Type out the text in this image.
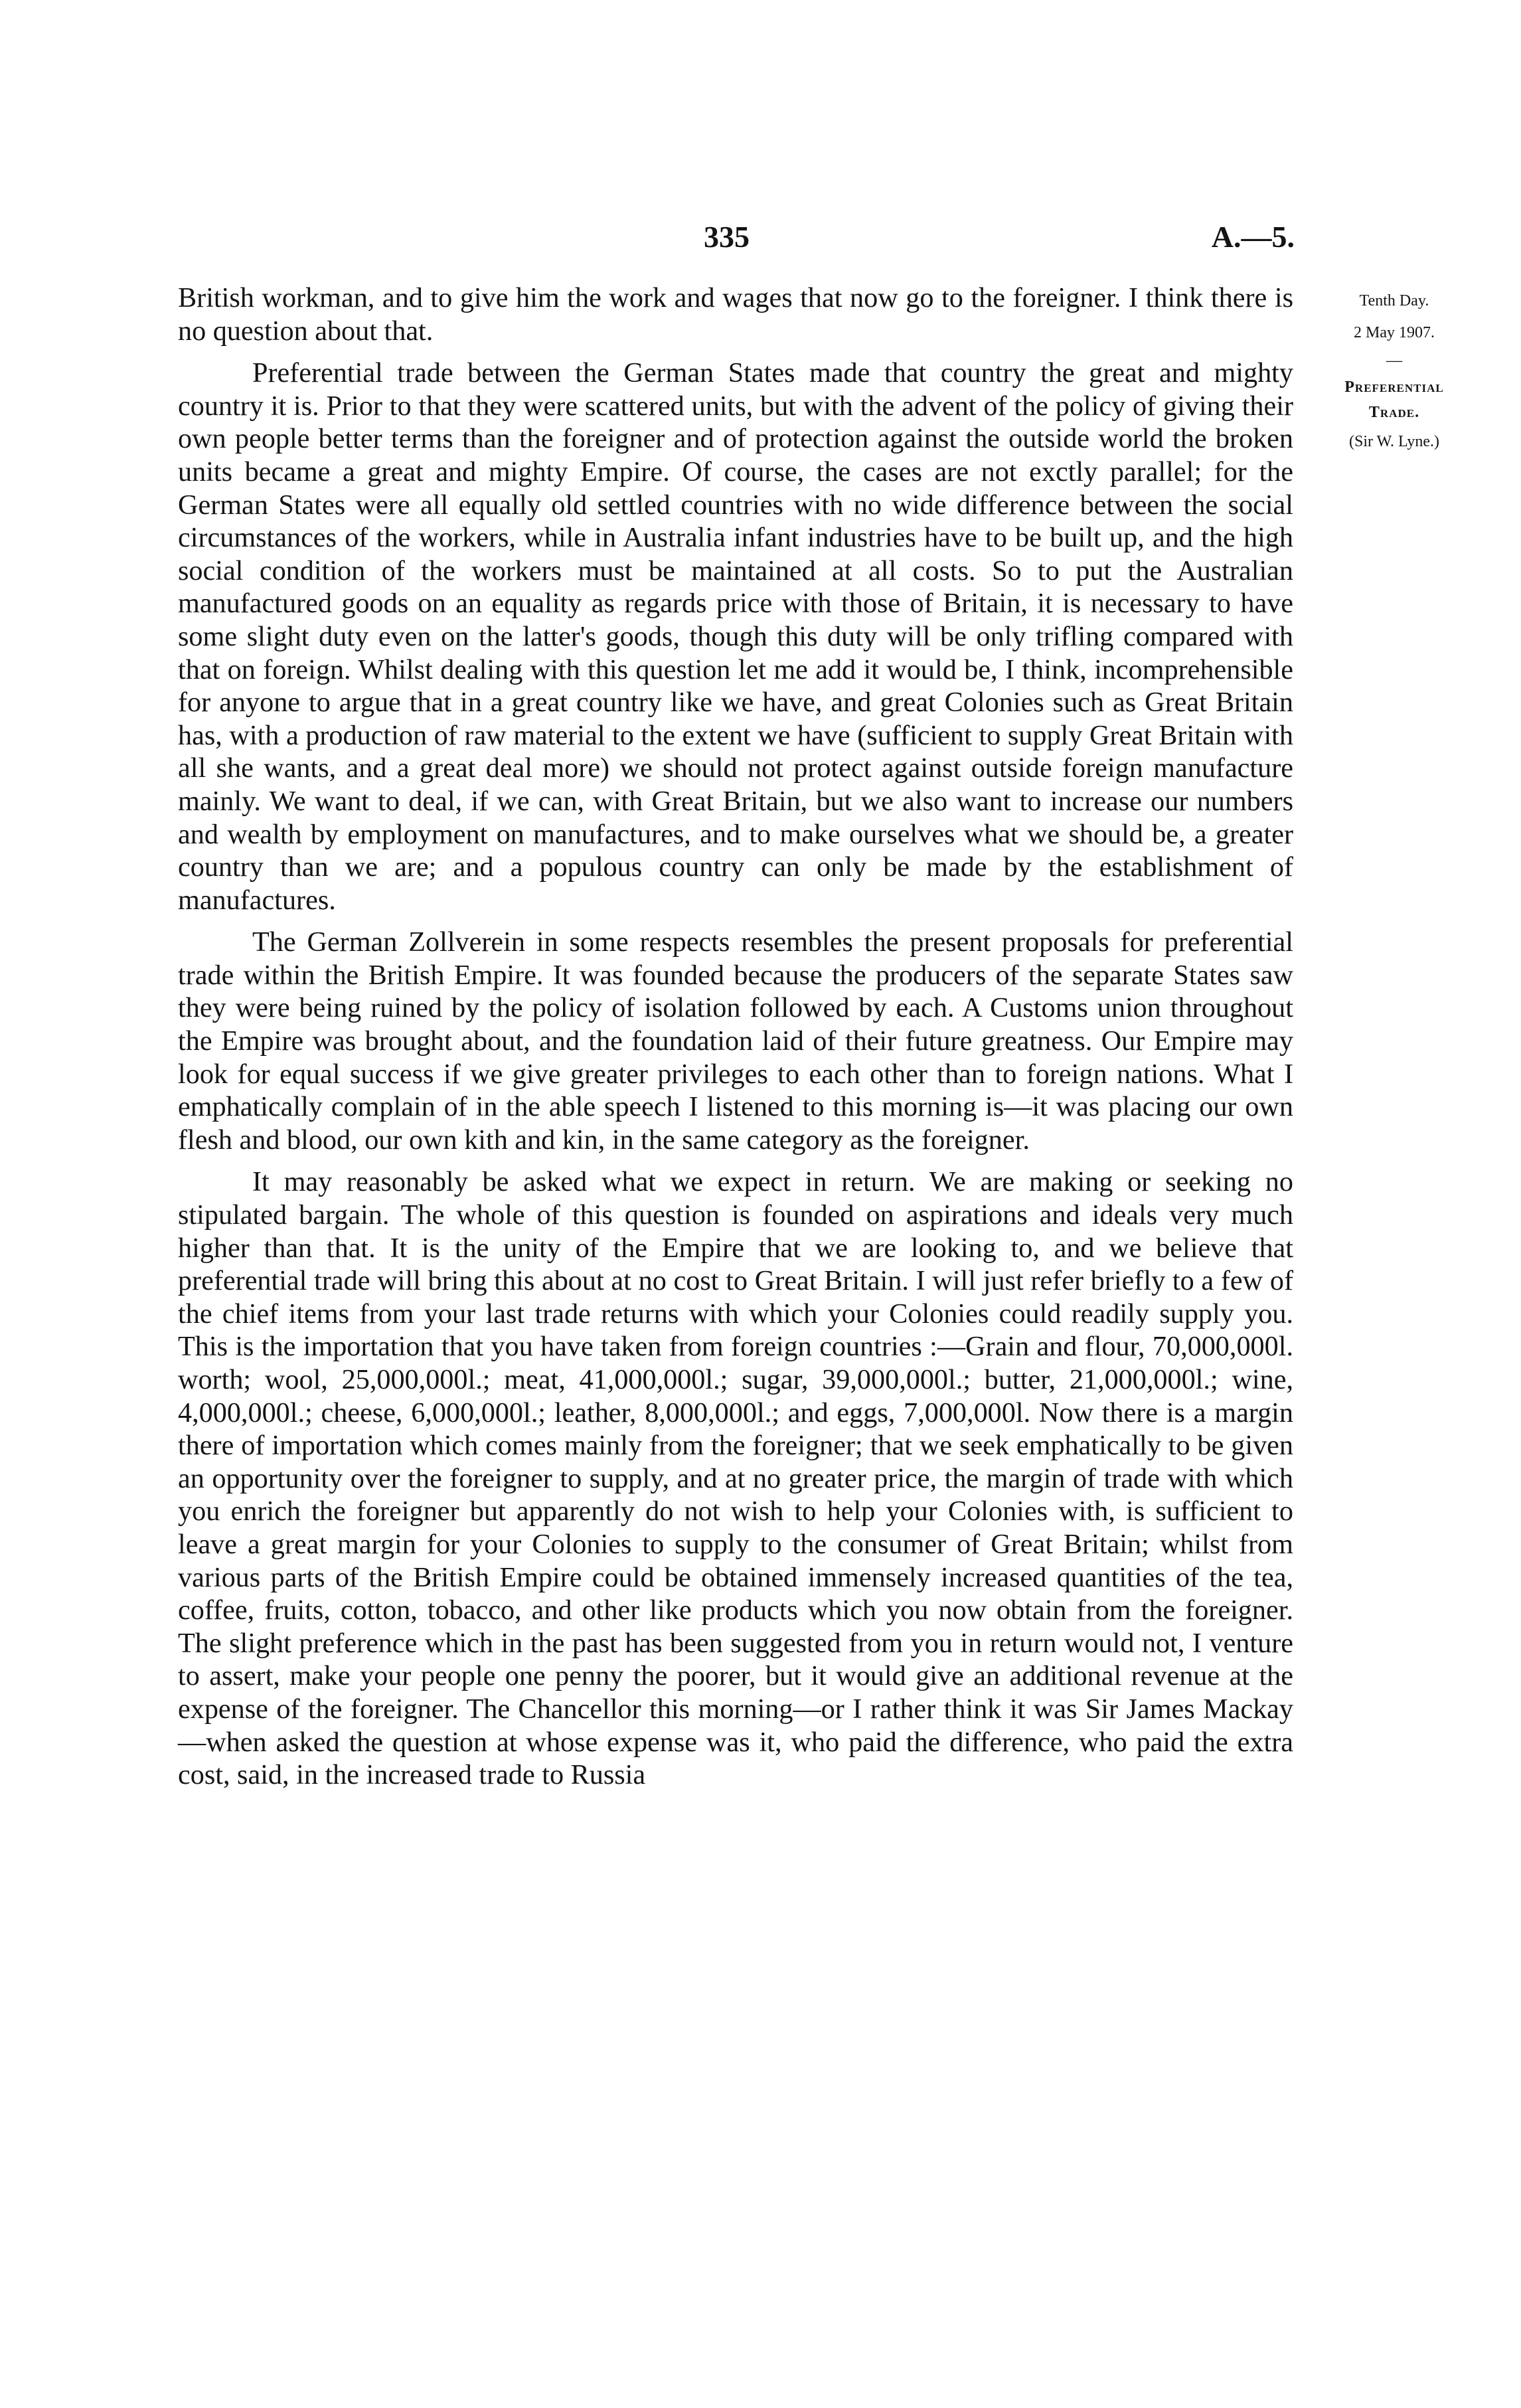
335	A.—5.
Tenth Day.
2 May 1907.
—
Preferential
Trade.
(Sir W. Lyne.)

British workman, and to give him the work and wages that now go to the foreigner. I think there is no question about that.

Preferential trade between the German States made that country the great and mighty country it is. Prior to that they were scattered units, but with the advent of the policy of giving their own people better terms than the foreigner and of protection against the outside world the broken units became a great and mighty Empire. Of course, the cases are not exctly parallel; for the German States were all equally old settled countries with no wide difference between the social circumstances of the workers, while in Australia infant industries have to be built up, and the high social condition of the workers must be maintained at all costs. So to put the Australian manufactured goods on an equality as regards price with those of Britain, it is necessary to have some slight duty even on the latter's goods, though this duty will be only trifling compared with that on foreign. Whilst dealing with this question let me add it would be, I think, incomprehensible for anyone to argue that in a great country like we have, and great Colonies such as Great Britain has, with a production of raw material to the extent we have (sufficient to supply Great Britain with all she wants, and a great deal more) we should not protect against outside foreign manufacture mainly. We want to deal, if we can, with Great Britain, but we also want to increase our numbers and wealth by employment on manufactures, and to make ourselves what we should be, a greater country than we are; and a populous country can only be made by the establishment of manufactures.

The German Zollverein in some respects resembles the present proposals for preferential trade within the British Empire. It was founded because the producers of the separate States saw they were being ruined by the policy of isolation followed by each. A Customs union throughout the Empire was brought about, and the foundation laid of their future greatness. Our Empire may look for equal success if we give greater privileges to each other than to foreign nations. What I emphatically complain of in the able speech I listened to this morning is—it was placing our own flesh and blood, our own kith and kin, in the same category as the foreigner.

It may reasonably be asked what we expect in return. We are making or seeking no stipulated bargain. The whole of this question is founded on aspirations and ideals very much higher than that. It is the unity of the Empire that we are looking to, and we believe that preferential trade will bring this about at no cost to Great Britain. I will just refer briefly to a few of the chief items from your last trade returns with which your Colonies could readily supply you. This is the importation that you have taken from foreign countries :—Grain and flour, 70,000,000l. worth; wool, 25,000,000l.; meat, 41,000,000l.; sugar, 39,000,000l.; butter, 21,000,000l.; wine, 4,000,000l.; cheese, 6,000,000l.; leather, 8,000,000l.; and eggs, 7,000,000l. Now there is a margin there of importation which comes mainly from the foreigner; that we seek emphatically to be given an opportunity over the foreigner to supply, and at no greater price, the margin of trade with which you enrich the foreigner but apparently do not wish to help your Colonies with, is sufficient to leave a great margin for your Colonies to supply to the consumer of Great Britain; whilst from various parts of the British Empire could be obtained immensely increased quantities of the tea, coffee, fruits, cotton, tobacco, and other like products which you now obtain from the foreigner. The slight preference which in the past has been suggested from you in return would not, I venture to assert, make your people one penny the poorer, but it would give an additional revenue at the expense of the foreigner. The Chancellor this morning—or I rather think it was Sir James Mackay—when asked the question at whose expense was it, who paid the difference, who paid the extra cost, said, in the increased trade to Russia
